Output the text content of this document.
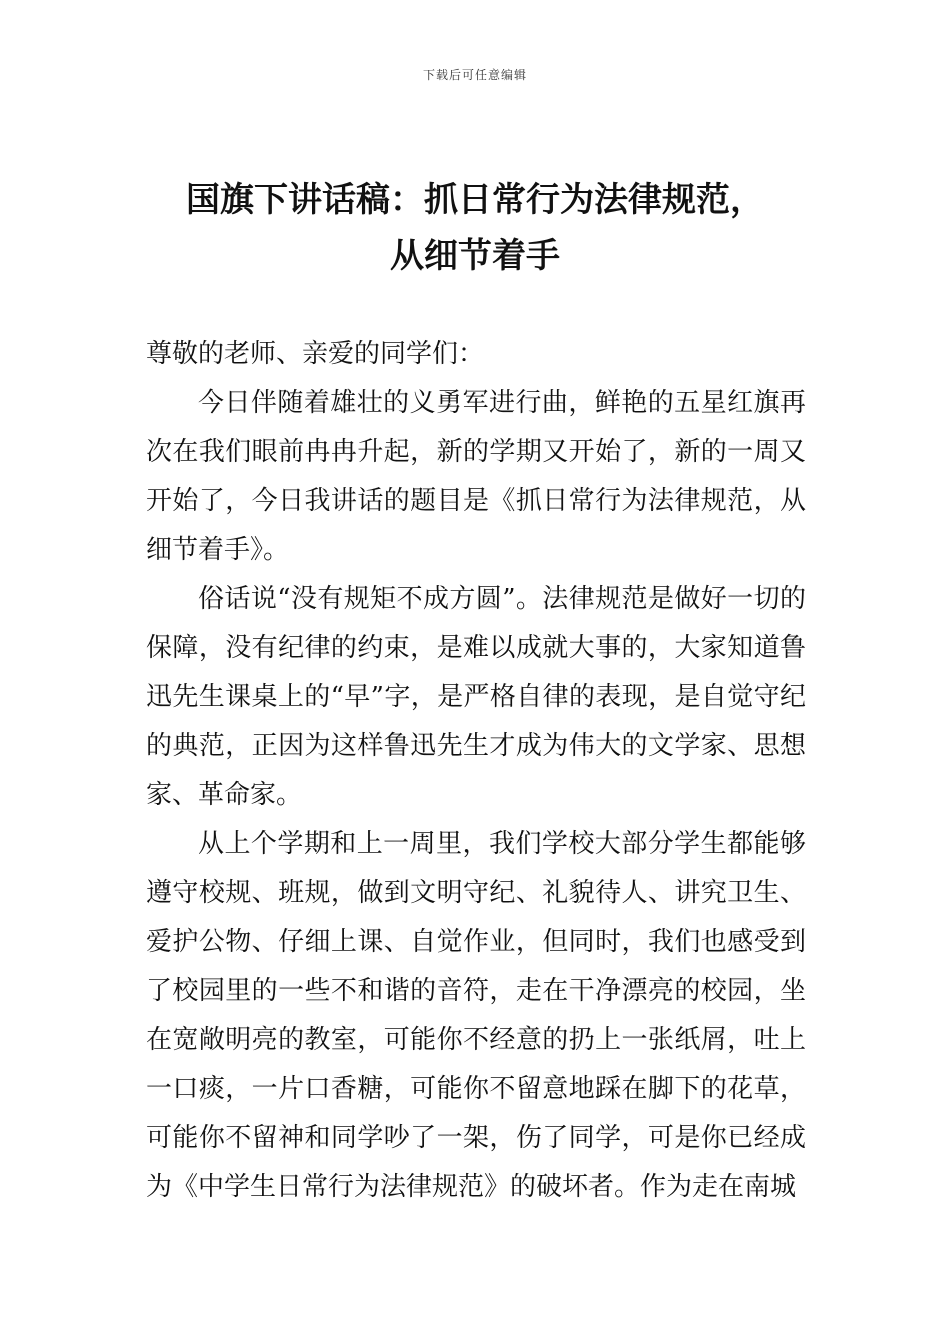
下载后可任意编辑
国旗下讲话稿：抓日常行为法律规范，
从细节着手

尊敬的老师、亲爱的同学们：

今日伴随着雄壮的义勇军进行曲，鲜艳的五星红旗再次在我们眼前冉冉升起，新的学期又开始了，新的一周又开始了，今日我讲话的题目是《抓日常行为法律规范，从细节着手》。

俗话说“没有规矩不成方圆”。法律规范是做好一切的保障，没有纪律的约束，是难以成就大事的，大家知道鲁迅先生课桌上的“早”字，是严格自律的表现，是自觉守纪的典范，正因为这样鲁迅先生才成为伟大的文学家、思想家、革命家。

从上个学期和上一周里，我们学校大部分学生都能够遵守校规、班规，做到文明守纪、礼貌待人、讲究卫生、爱护公物、仔细上课、自觉作业，但同时，我们也感受到了校园里的一些不和谐的音符，走在干净漂亮的校园，坐在宽敞明亮的教室，可能你不经意的扔上一张纸屑，吐上一口痰，一片口香糖，可能你不留意地踩在脚下的花草，可能你不留神和同学吵了一架，伤了同学，可是你已经成为《中学生日常行为法律规范》的破坏者。作为走在南城
